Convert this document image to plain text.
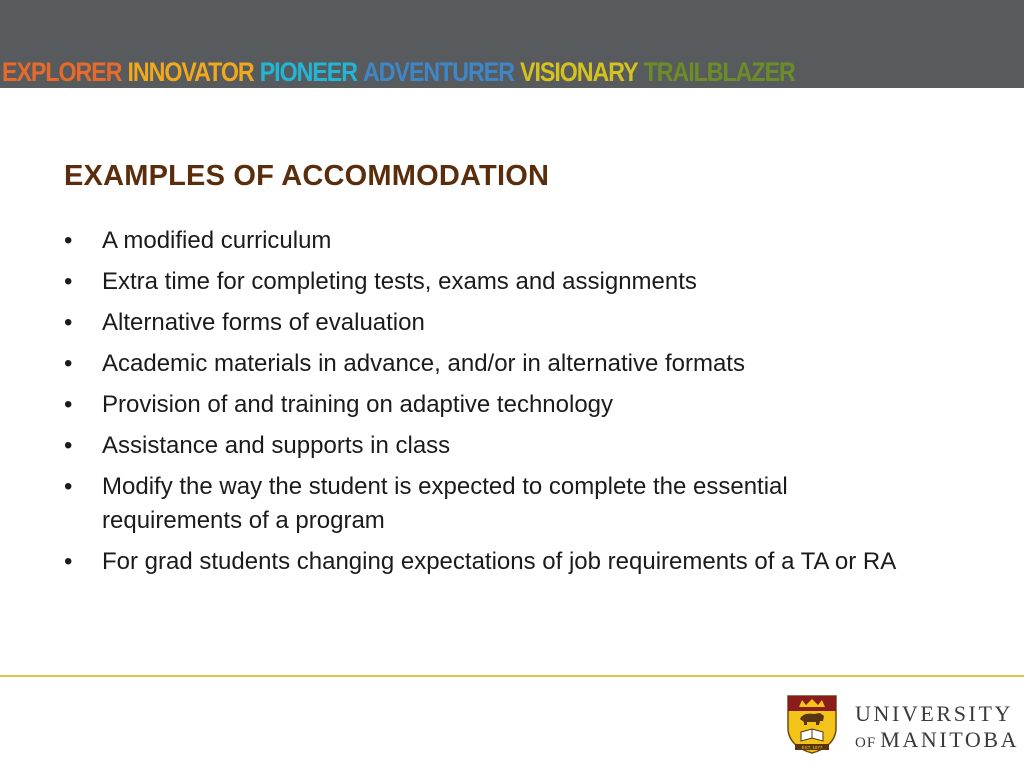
EXPLORER INNOVATOR PIONEER ADVENTURER VISIONARY TRAILBLAZER
EXAMPLES OF ACCOMMODATION
• A modified curriculum
• Extra time for completing tests, exams and assignments
• Alternative forms of evaluation
• Academic materials in advance, and/or in alternative formats
• Provision of and training on adaptive technology
• Assistance and supports in class
• Modify the way the student is expected to complete the essential requirements of a program
• For grad students changing expectations of job requirements of a TA or RA
EST. 1877
UNIVERSITY
OF MANITOBA
